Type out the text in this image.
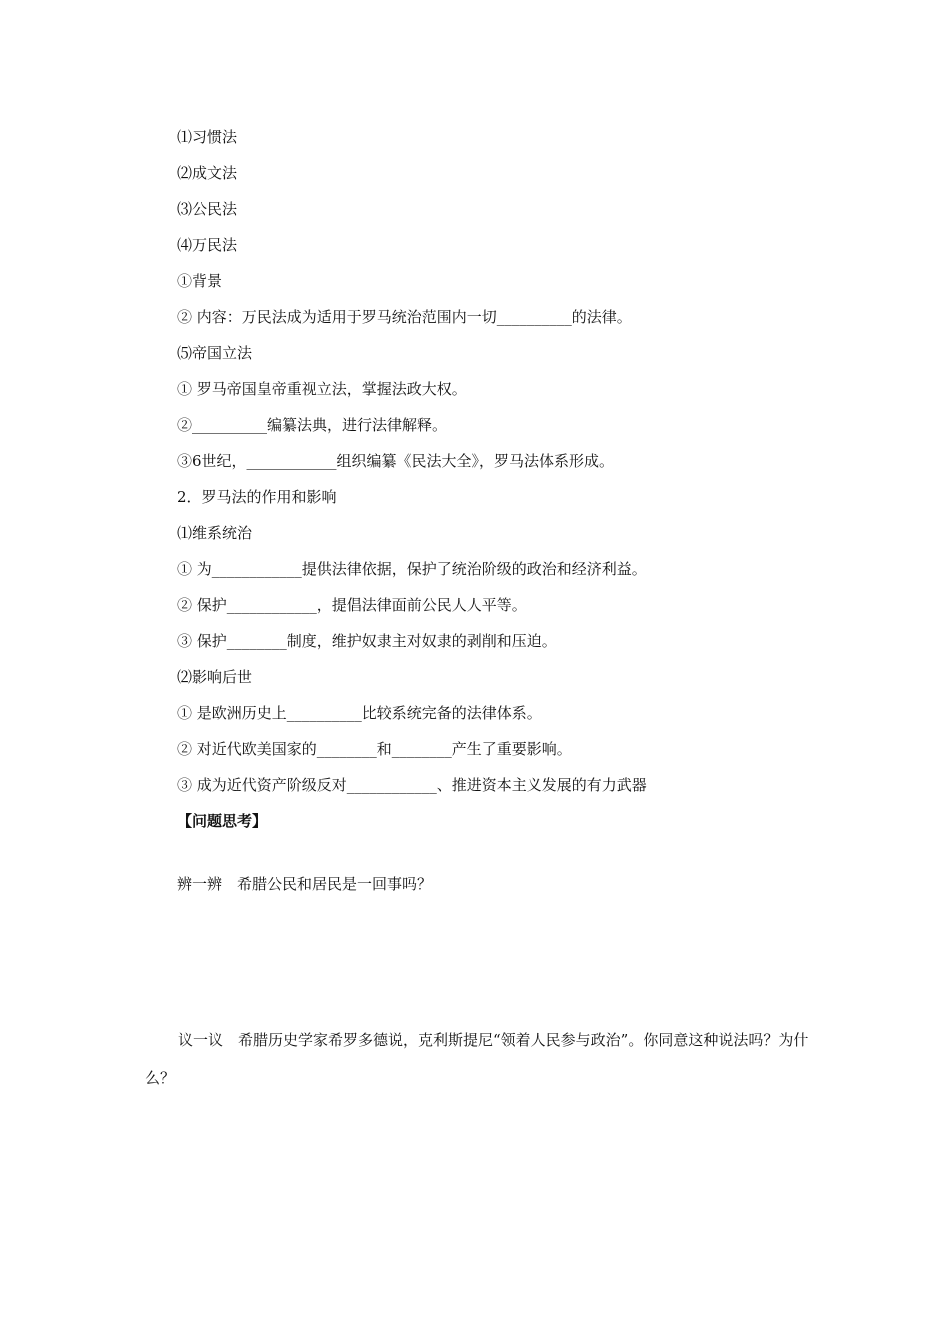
⑴习惯法
⑵成文法
⑶公民法
⑷万民法
①背景
② 内容：万民法成为适用于罗马统治范围内一切__________的法律。
⑸帝国立法
① 罗马帝国皇帝重视立法，掌握法政大权。
②__________编纂法典，进行法律解释。
③6世纪，____________组织编纂《民法大全》，罗马法体系形成。
2．罗马法的作用和影响
⑴维系统治
① 为____________提供法律依据，保护了统治阶级的政治和经济利益。
② 保护____________，提倡法律面前公民人人平等。
③ 保护________制度，维护奴隶主对奴隶的剥削和压迫。
⑵影响后世
① 是欧洲历史上__________比较系统完备的法律体系。
② 对近代欧美国家的________和________产生了重要影响。
③ 成为近代资产阶级反对____________、推进资本主义发展的有力武器
【问题思考】
辨一辨　希腊公民和居民是一回事吗？
议一议　希腊历史学家希罗多德说，克利斯提尼“领着人民参与政治”。你同意这种说法吗？为什么？
